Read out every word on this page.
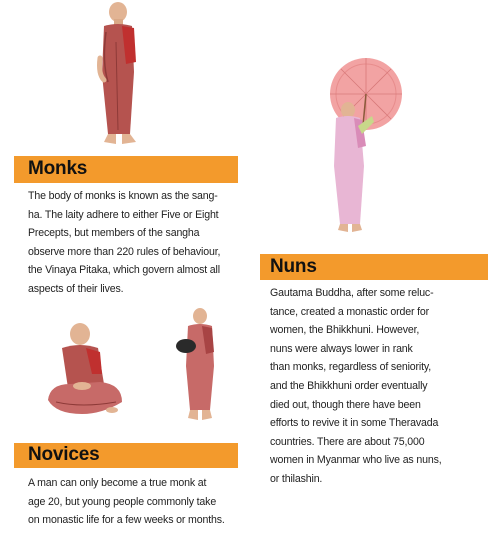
Monks
The body of monks is known as the sang-
ha. The laity adhere to either Five or Eight
Precepts, but members of the sangha
observe more than 220 rules of behaviour,
the Vinaya Pitaka, which govern almost all
aspects of their lives.
Nuns
Gautama Buddha, after some reluc-
tance, created a monastic order for
women, the Bhikkhuni. However,
nuns were always lower in rank
than monks, regardless of seniority,
and the Bhikkhuni order eventually
died out, though there have been
efforts to revive it in some Theravada
countries. There are about 75,000
women in Myanmar who live as nuns,
or thilashin.
Novices
A man can only become a true monk at
age 20, but young people commonly take
on monastic life for a few weeks or months.
